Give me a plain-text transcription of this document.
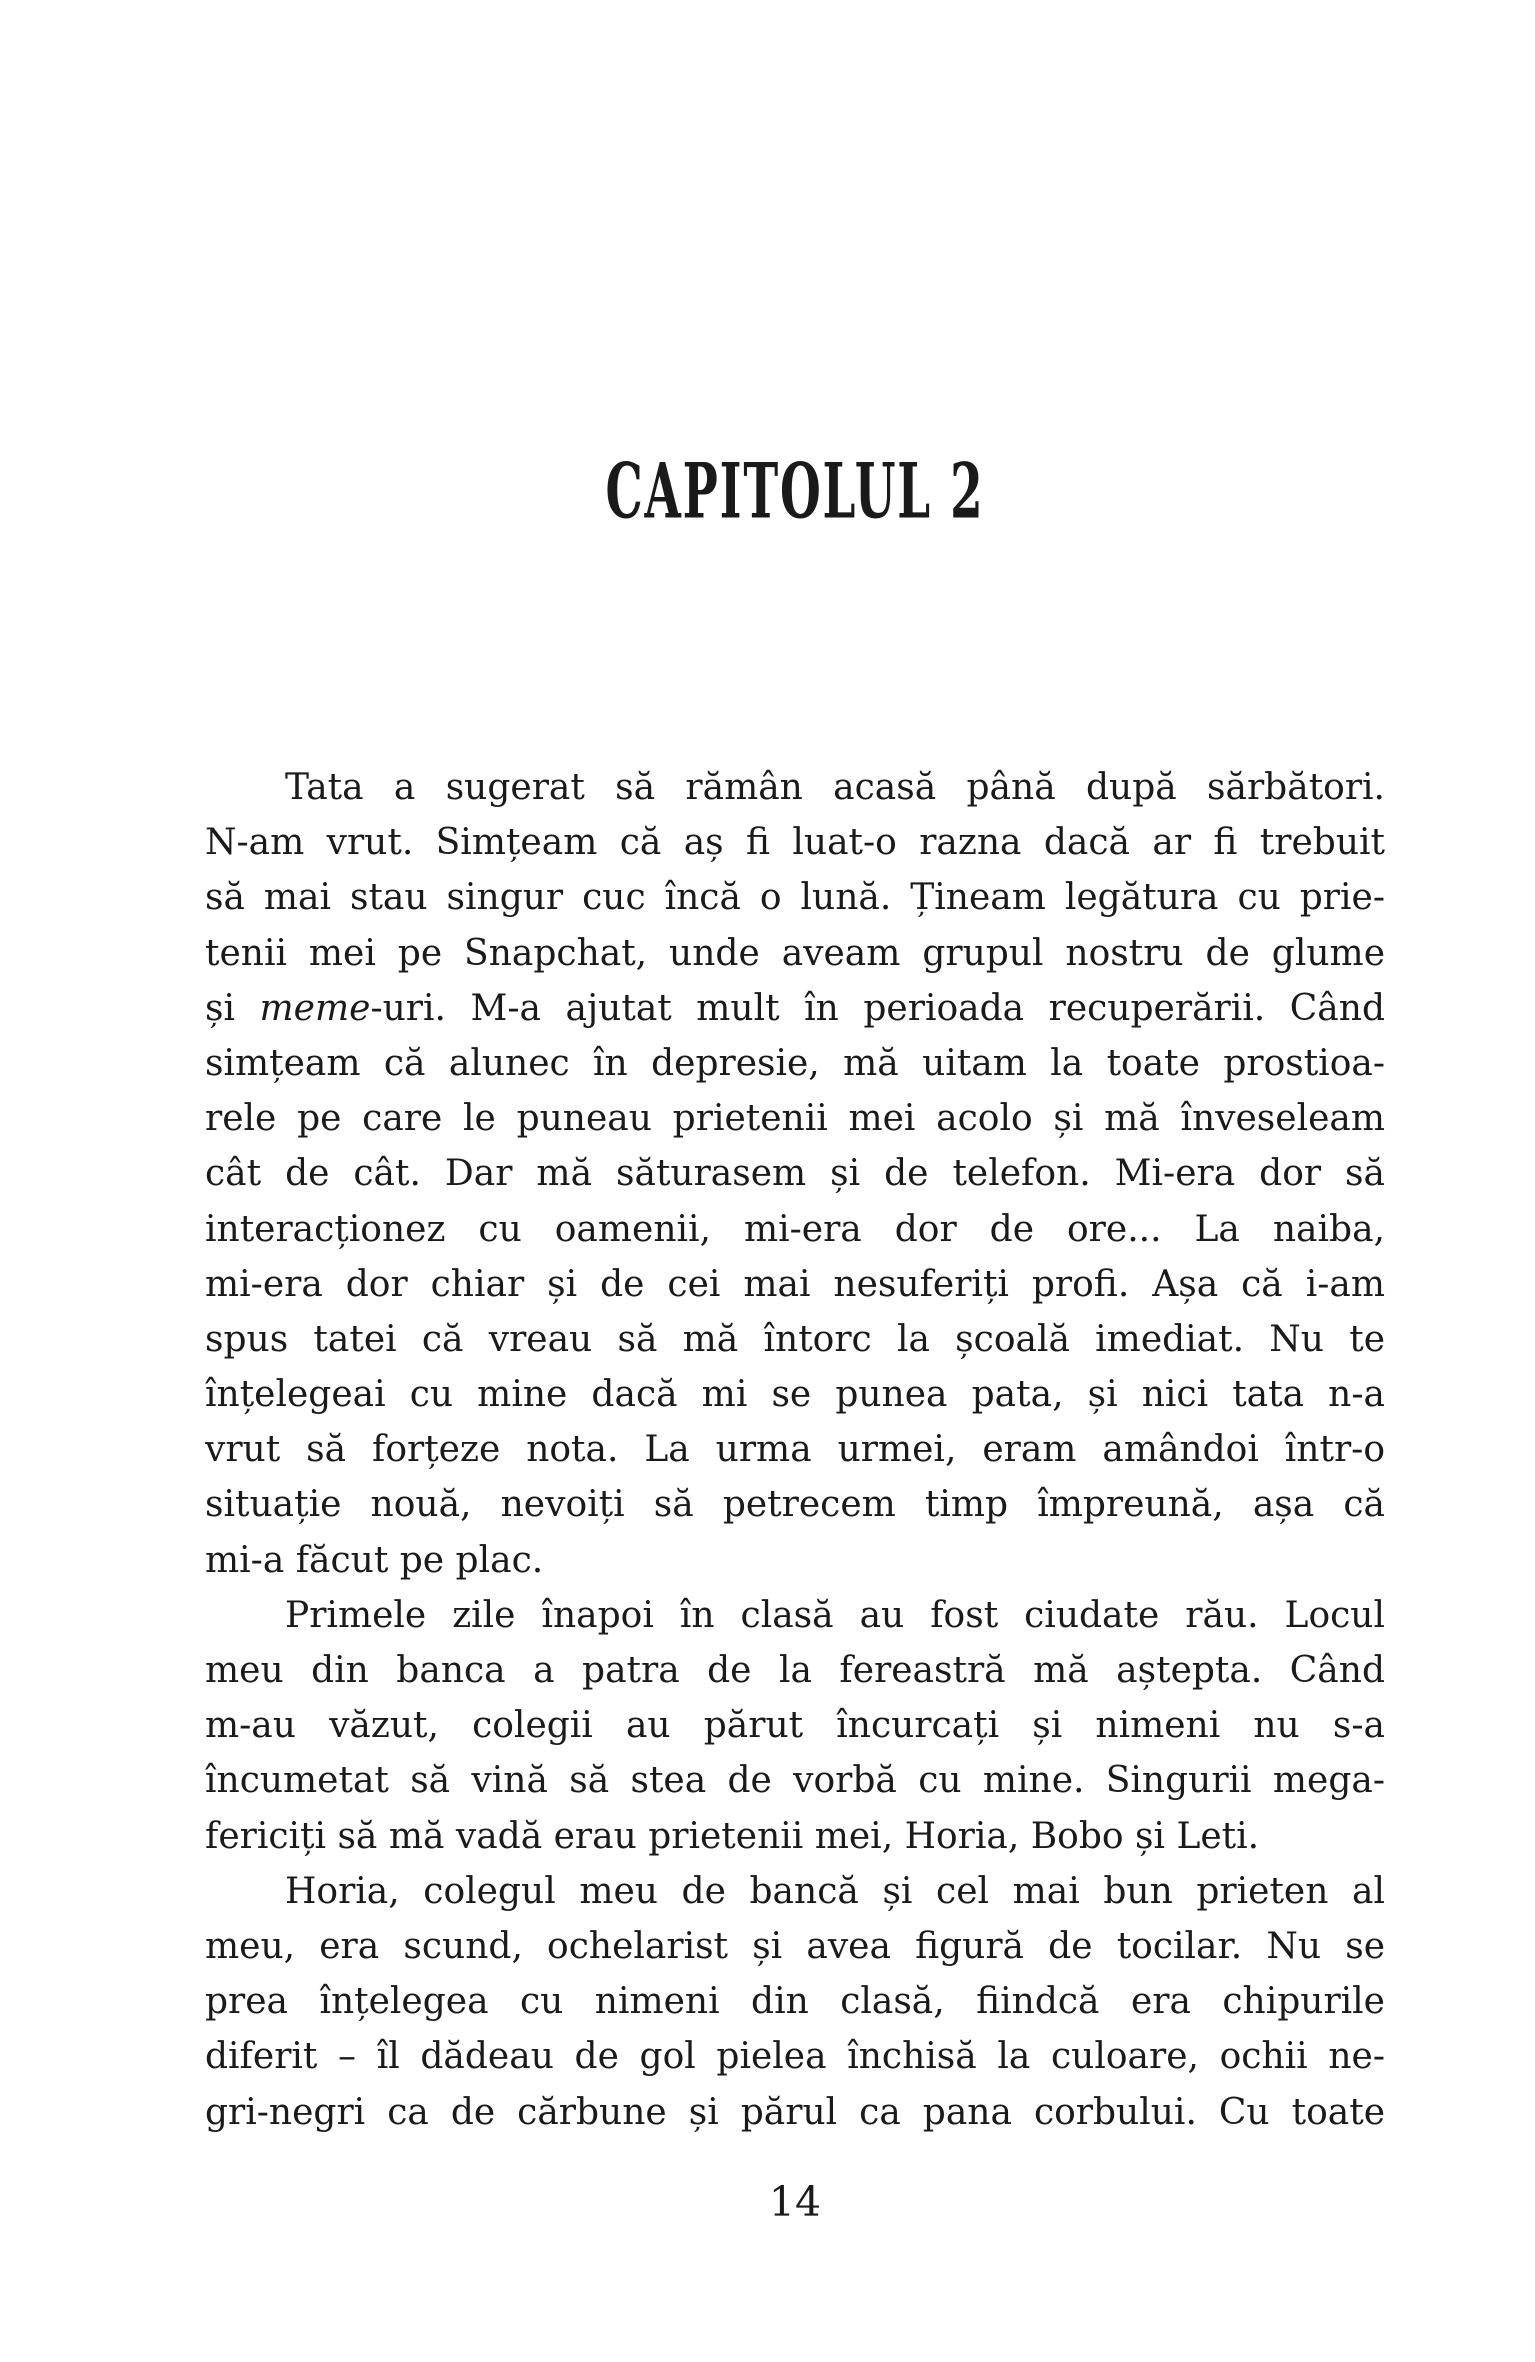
CAPITOLUL 2
Tata a sugerat să rămân acasă până după sărbători.
N-am vrut. Simțeam că aș fi luat-o razna dacă ar fi trebuit
să mai stau singur cuc încă o lună. Țineam legătura cu prie-
tenii mei pe Snapchat, unde aveam grupul nostru de glume
și meme-uri. M-a ajutat mult în perioada recuperării. Când
simțeam că alunec în depresie, mă uitam la toate prostioa-
rele pe care le puneau prietenii mei acolo și mă înveseleam
cât de cât. Dar mă săturasem și de telefon. Mi-era dor să
interacționez cu oamenii, mi-era dor de ore... La naiba,
mi-era dor chiar și de cei mai nesuferiți profi. Așa că i-am
spus tatei că vreau să mă întorc la școală imediat. Nu te
înțelegeai cu mine dacă mi se punea pata, și nici tata n-a
vrut să forțeze nota. La urma urmei, eram amândoi într-o
situație nouă, nevoiți să petrecem timp împreună, așa că
mi-a făcut pe plac.
Primele zile înapoi în clasă au fost ciudate rău. Locul
meu din banca a patra de la fereastră mă aștepta. Când
m-au văzut, colegii au părut încurcați și nimeni nu s-a
încumetat să vină să stea de vorbă cu mine. Singurii mega-
fericiți să mă vadă erau prietenii mei, Horia, Bobo și Leti.
Horia, colegul meu de bancă și cel mai bun prieten al
meu, era scund, ochelarist și avea figură de tocilar. Nu se
prea înțelegea cu nimeni din clasă, fiindcă era chipurile
diferit – îl dădeau de gol pielea închisă la culoare, ochii ne-
gri-negri ca de cărbune și părul ca pana corbului. Cu toate
14
